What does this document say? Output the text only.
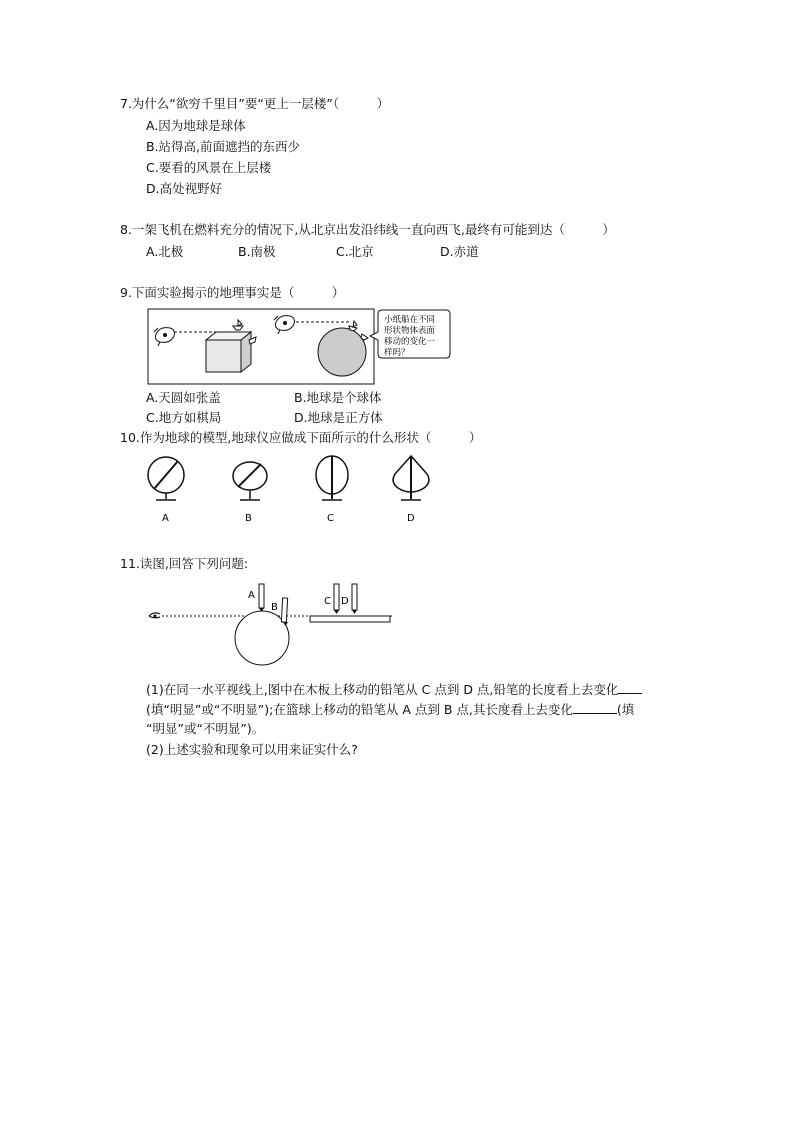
7.为什么“欲穷千里目”要“更上一层楼”（　　　）
A.因为地球是球体
B.站得高,前面遮挡的东西少
C.要看的风景在上层楼
D.高处视野好
8.一架飞机在燃料充分的情况下,从北京出发沿纬线一直向西飞,最终有可能到达（　　　）
A.北极	B.南极	C.北京	D.赤道
9.下面实验揭示的地理事实是（　　　）
小纸船在不同
形状物体表面
移动的变化一
样吗？
A.天圆如张盖	B.地球是个球体
C.地方如棋局	D.地球是正方体
10.作为地球的模型,地球仪应做成下面所示的什么形状（　　　）
A	B	C	D
11.读图,回答下列问题:
A
B
C D
(1)在同一水平视线上,图中在木板上移动的铅笔从 C 点到 D 点,铅笔的长度看上去变化
(填“明显”或“不明显”);在篮球上移动的铅笔从 A 点到 B 点,其长度看上去变化	(填
“明显”或“不明显”)。
(2)上述实验和现象可以用来证实什么?
